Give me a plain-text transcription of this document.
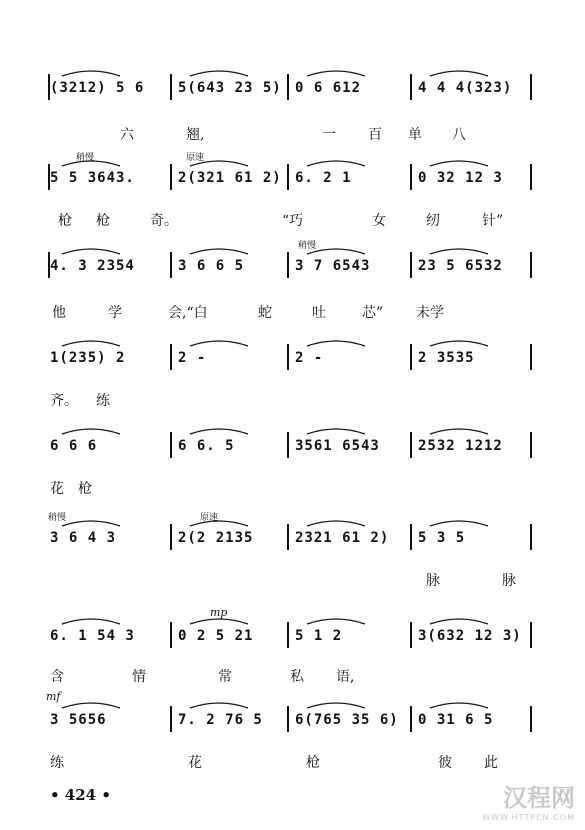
(3212) 5 6 5(643 23 5) 0 6 612	4 4 4(323)
六	翘,	一 百 单 八
5 5 3643.	2(321 61 2) 6. 2 1	0 32 12 3
稍慢	原速
枪 枪	奇。	“巧	女	纫	针”
4. 3 2354	3 6 6 5	3 7 6543	23 5 6532
稍慢
他	学	会,“白	蛇	吐	芯” 未学
1(235) 2	2 -	2 -	2 3535
齐。 练
6 6 6	6 6. 5	3561 6543	2532 1212
花 枪
3 6 4 3	2(2 2135	2321 61 2) 5 3 5
稍慢	原速
脉	脉
6. 1 54 3	0 2 5 21	5 1 2	3(632 12 3)
mp
含	情	常	私 语,
3 5656	7. 2 76 5 6(765 35 6) 0 31 6 5
mf
练	花	枪	彼 此
• 424 •	汉程网
WWW.HTTPCN.COM
